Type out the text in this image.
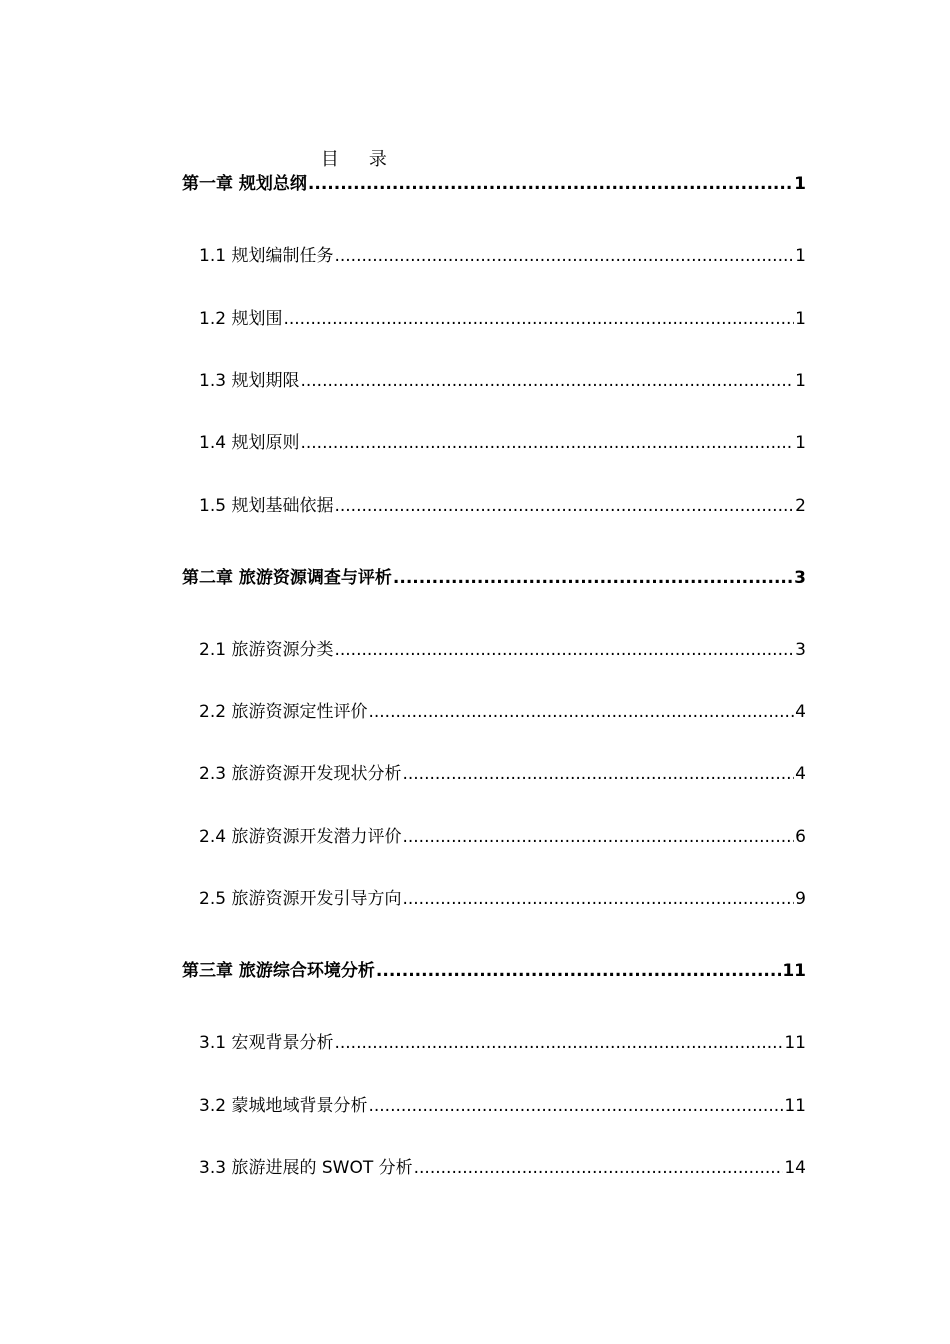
目 录

第一章 规划总纲 .....	1
1.1 规划编制任务 .....	1
1.2 规划围 .....	1
1.3 规划期限 .....	1
1.4 规划原则 .....	1
1.5 规划基础依据 .....	2
第二章 旅游资源调查与评析 .....	3
2.1 旅游资源分类 .....	3
2.2 旅游资源定性评价 .....	4
2.3 旅游资源开发现状分析 .....	4
2.4 旅游资源开发潜力评价 .....	6
2.5 旅游资源开发引导方向 .....	9
第三章 旅游综合环境分析 .....	11
3.1 宏观背景分析 .....	11
3.2 蒙城地域背景分析 .....	11
3.3 旅游进展的 SWOT 分析 .....	14
